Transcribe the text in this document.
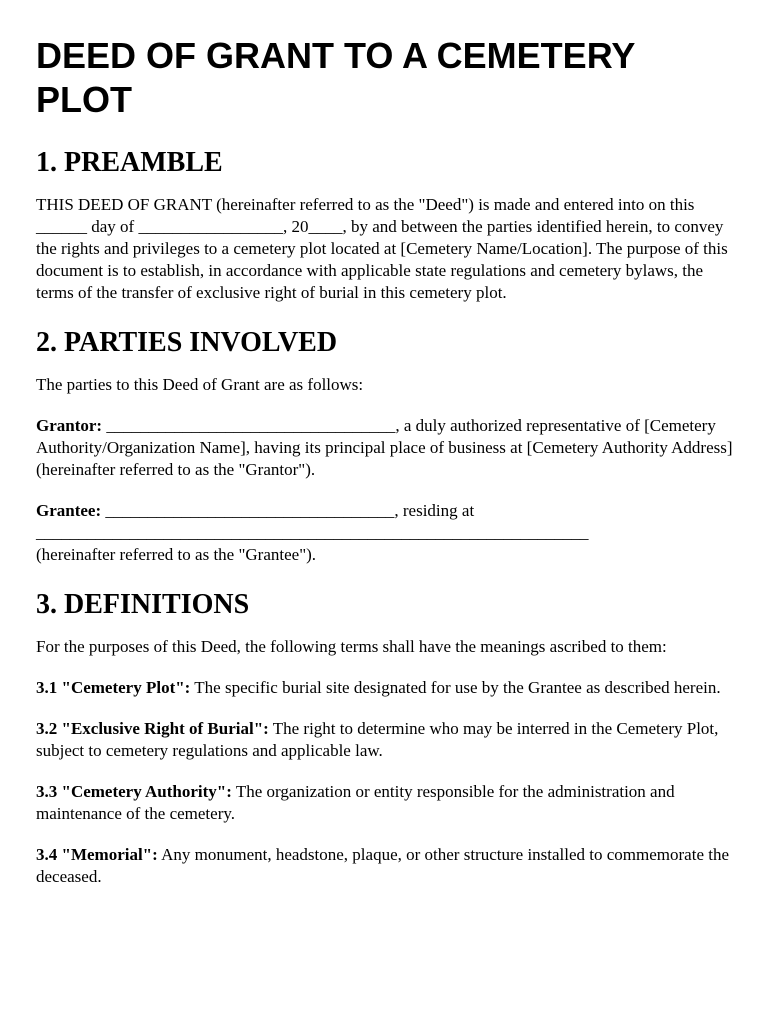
DEED OF GRANT TO A CEMETERY PLOT
1. PREAMBLE

THIS DEED OF GRANT (hereinafter referred to as the "Deed") is made and entered into on this ______ day of _________________, 20____, by and between the parties identified herein, to convey the rights and privileges to a cemetery plot located at [Cemetery Name/Location]. The purpose of this document is to establish, in accordance with applicable state regulations and cemetery bylaws, the terms of the transfer of exclusive right of burial in this cemetery plot.

2. PARTIES INVOLVED

The parties to this Deed of Grant are as follows:

Grantor: __________________________________, a duly authorized representative of [Cemetery Authority/Organization Name], having its principal place of business at [Cemetery Authority Address] (hereinafter referred to as the "Grantor").

Grantee: __________________________________, residing at
_________________________________________________________________
(hereinafter referred to as the "Grantee").

3. DEFINITIONS

For the purposes of this Deed, the following terms shall have the meanings ascribed to them:

3.1 "Cemetery Plot": The specific burial site designated for use by the Grantee as described herein.

3.2 "Exclusive Right of Burial": The right to determine who may be interred in the Cemetery Plot, subject to cemetery regulations and applicable law.

3.3 "Cemetery Authority": The organization or entity responsible for the administration and maintenance of the cemetery.

3.4 "Memorial": Any monument, headstone, plaque, or other structure installed to commemorate the deceased.
